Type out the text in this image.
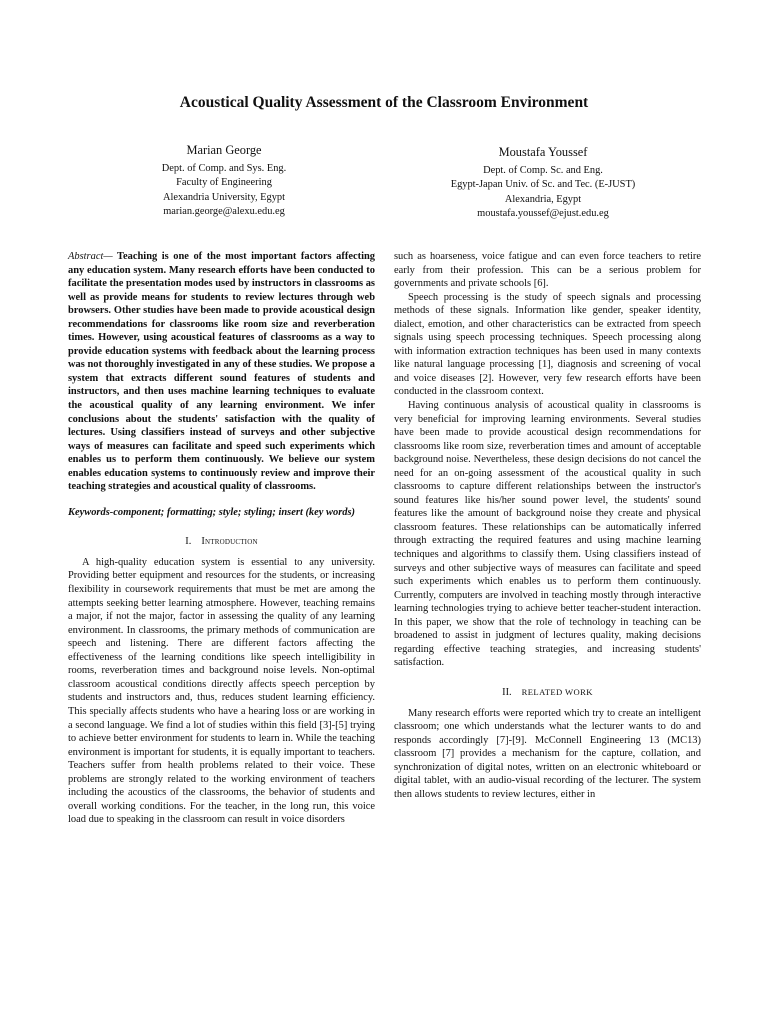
Acoustical Quality Assessment of the Classroom Environment
Marian George
Dept. of Comp. and Sys. Eng.
Faculty of Engineering
Alexandria University, Egypt
marian.george@alexu.edu.eg
Moustafa Youssef
Dept. of Comp. Sc. and Eng.
Egypt-Japan Univ. of Sc. and Tec. (E-JUST)
Alexandria, Egypt
moustafa.youssef@ejust.edu.eg

Abstract— Teaching is one of the most important factors affecting any education system. Many research efforts have been conducted to facilitate the presentation modes used by instructors in classrooms as well as provide means for students to review lectures through web browsers. Other studies have been made to provide acoustical design recommendations for classrooms like room size and reverberation times. However, using acoustical features of classrooms as a way to provide education systems with feedback about the learning process was not thoroughly investigated in any of these studies. We propose a system that extracts different sound features of students and instructors, and then uses machine learning techniques to evaluate the acoustical quality of any learning environment. We infer conclusions about the students' satisfaction with the quality of lectures. Using classifiers instead of surveys and other subjective ways of measures can facilitate and speed such experiments which enables us to perform them continuously. We believe our system enables education systems to continuously review and improve their teaching strategies and acoustical quality of classrooms.

Keywords-component; formatting; style; styling; insert (key words)

I. Introduction

A high-quality education system is essential to any university. Providing better equipment and resources for the students, or increasing flexibility in coursework requirements that must be met are among the attempts seeking better learning atmosphere. However, teaching remains a major, if not the major, factor in assessing the quality of any learning environment. In classrooms, the primary methods of communication are speech and listening. There are different factors affecting the effectiveness of the learning conditions like speech intelligibility in rooms, reverberation times and background noise levels. Non-optimal classroom acoustical conditions directly affects speech perception by students and instructors and, thus, reduces student learning efficiency. This specially affects students who have a hearing loss or are working in a second language. We find a lot of studies within this field [3]-[5] trying to achieve better environment for students to learn in. While the teaching environment is important for students, it is equally important to teachers. Teachers suffer from health problems related to their voice. These problems are strongly related to the working environment of teachers including the acoustics of the classrooms, the behavior of students and overall working conditions. For the teacher, in the long run, this voice load due to speaking in the classroom can result in voice disorders

such as hoarseness, voice fatigue and can even force teachers to retire early from their profession. This can be a serious problem for governments and private schools [6].

Speech processing is the study of speech signals and processing methods of these signals. Information like gender, speaker identity, dialect, emotion, and other characteristics can be extracted from speech signals using speech processing techniques. Speech processing along with information extraction techniques has been used in many contexts like natural language processing [1], diagnosis and screening of vocal and voice diseases [2]. However, very few research efforts have been conducted in the classroom context.

Having continuous analysis of acoustical quality in classrooms is very beneficial for improving learning environments. Several studies have been made to provide acoustical design recommendations for classrooms like room size, reverberation times and amount of acceptable background noise. Nevertheless, these design decisions do not cancel the need for an on-going assessment of the acoustical quality in such classrooms to capture different relationships between the instructor's sound features like his/her sound power level, the students' sound features like the amount of background noise they create and physical classroom features. These relationships can be automatically inferred through extracting the required features and using machine learning techniques and algorithms to classify them. Using classifiers instead of surveys and other subjective ways of measures can facilitate and speed such experiments which enables us to perform them continuously. Currently, computers are involved in teaching mostly through interactive learning technologies trying to achieve better teacher-student interaction. In this paper, we show that the role of technology in teaching can be broadened to assist in judgment of lectures quality, making decisions regarding effective teaching strategies, and increasing students' satisfaction.

II. RELATED WORK

Many research efforts were reported which try to create an intelligent classroom; one which understands what the lecturer wants to do and responds accordingly [7]-[9]. McConnell Engineering 13 (MC13) classroom [7] provides a mechanism for the capture, collation, and synchronization of digital notes, written on an electronic whiteboard or digital tablet, with an audio-visual recording of the lecturer. The system then allows students to review lectures, either in
